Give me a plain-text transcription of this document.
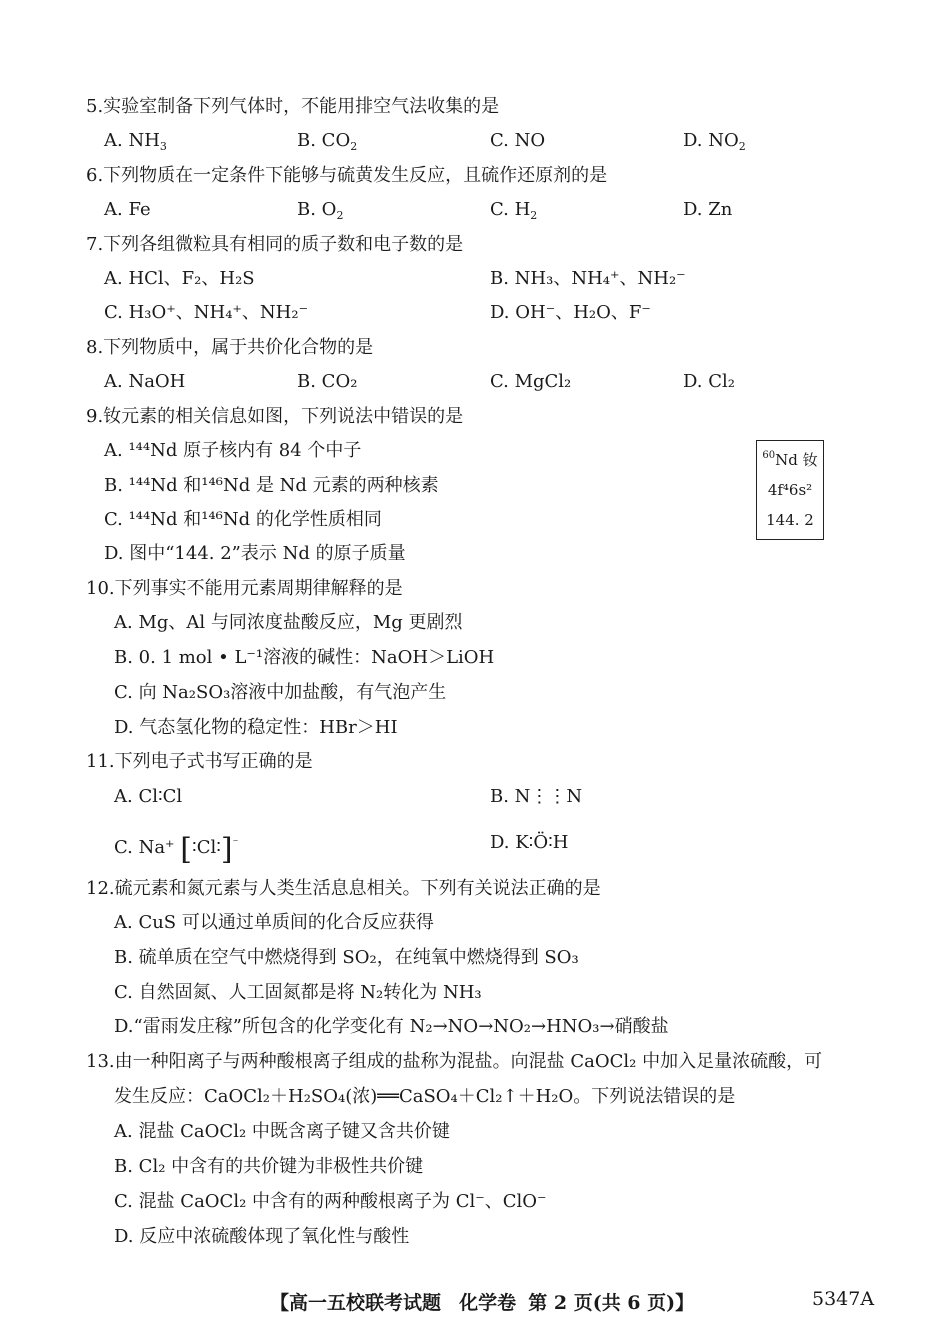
5.实验室制备下列气体时，不能用排空气法收集的是
A. $NH_3$	B. $CO_2$	C. NO	D. $NO_2$
6.下列物质在一定条件下能够与硫黄发生反应，且硫作还原剂的是
A. Fe	B. $O_2$	C. $H_2$	D. Zn
7.下列各组微粒具有相同的质子数和电子数的是
A. HCl、F₂、H₂S	B. NH₃、NH₄⁺、NH₂⁻
C. H₃O⁺、NH₄⁺、NH₂⁻	D. OH⁻、H₂O、F⁻
8.下列物质中，属于共价化合物的是
A. NaOH	B. CO₂	C. MgCl₂	D. Cl₂
9.钕元素的相关信息如图，下列说法中错误的是
A. ¹⁴⁴Nd 原子核内有 84 个中子
B. ¹⁴⁴Nd 和¹⁴⁶Nd 是 Nd 元素的两种核素
C. ¹⁴⁴Nd 和¹⁴⁶Nd 的化学性质相同
D. 图中“144. 2”表示 Nd 的原子质量
$^{60}$Nd 钕
4f⁴6s²
144. 2
10.下列事实不能用元素周期律解释的是
A. Mg、Al 与同浓度盐酸反应，Mg 更剧烈
B. 0. 1 mol • L⁻¹溶液的碱性：NaOH＞LiOH
C. 向 Na₂SO₃溶液中加盐酸，有气泡产生
D. 气态氢化物的稳定性：HBr＞HI
11.下列电子式书写正确的是
A. Cl∶Cl	B. N⋮⋮N
C. Na⁺ [∶Cl∶]⁻	D. K∶Ö∶H
12.硫元素和氮元素与人类生活息息相关。下列有关说法正确的是
A. CuS 可以通过单质间的化合反应获得
B. 硫单质在空气中燃烧得到 SO₂，在纯氧中燃烧得到 SO₃
C. 自然固氮、人工固氮都是将 N₂转化为 NH₃
D.“雷雨发庄稼”所包含的化学变化有 N₂→NO→NO₂→HNO₃→硝酸盐
13.由一种阳离子与两种酸根离子组成的盐称为混盐。向混盐 CaOCl₂ 中加入足量浓硫酸，可
发生反应：CaOCl₂＋H₂SO₄(浓)══CaSO₄＋Cl₂↑＋H₂O。下列说法错误的是
A. 混盐 CaOCl₂ 中既含离子键又含共价键
B. Cl₂ 中含有的共价键为非极性共价键
C. 混盐 CaOCl₂ 中含有的两种酸根离子为 Cl⁻、ClO⁻
D. 反应中浓硫酸体现了氧化性与酸性
【高一五校联考试题 化学卷 第 2 页(共 6 页)】	5347A
